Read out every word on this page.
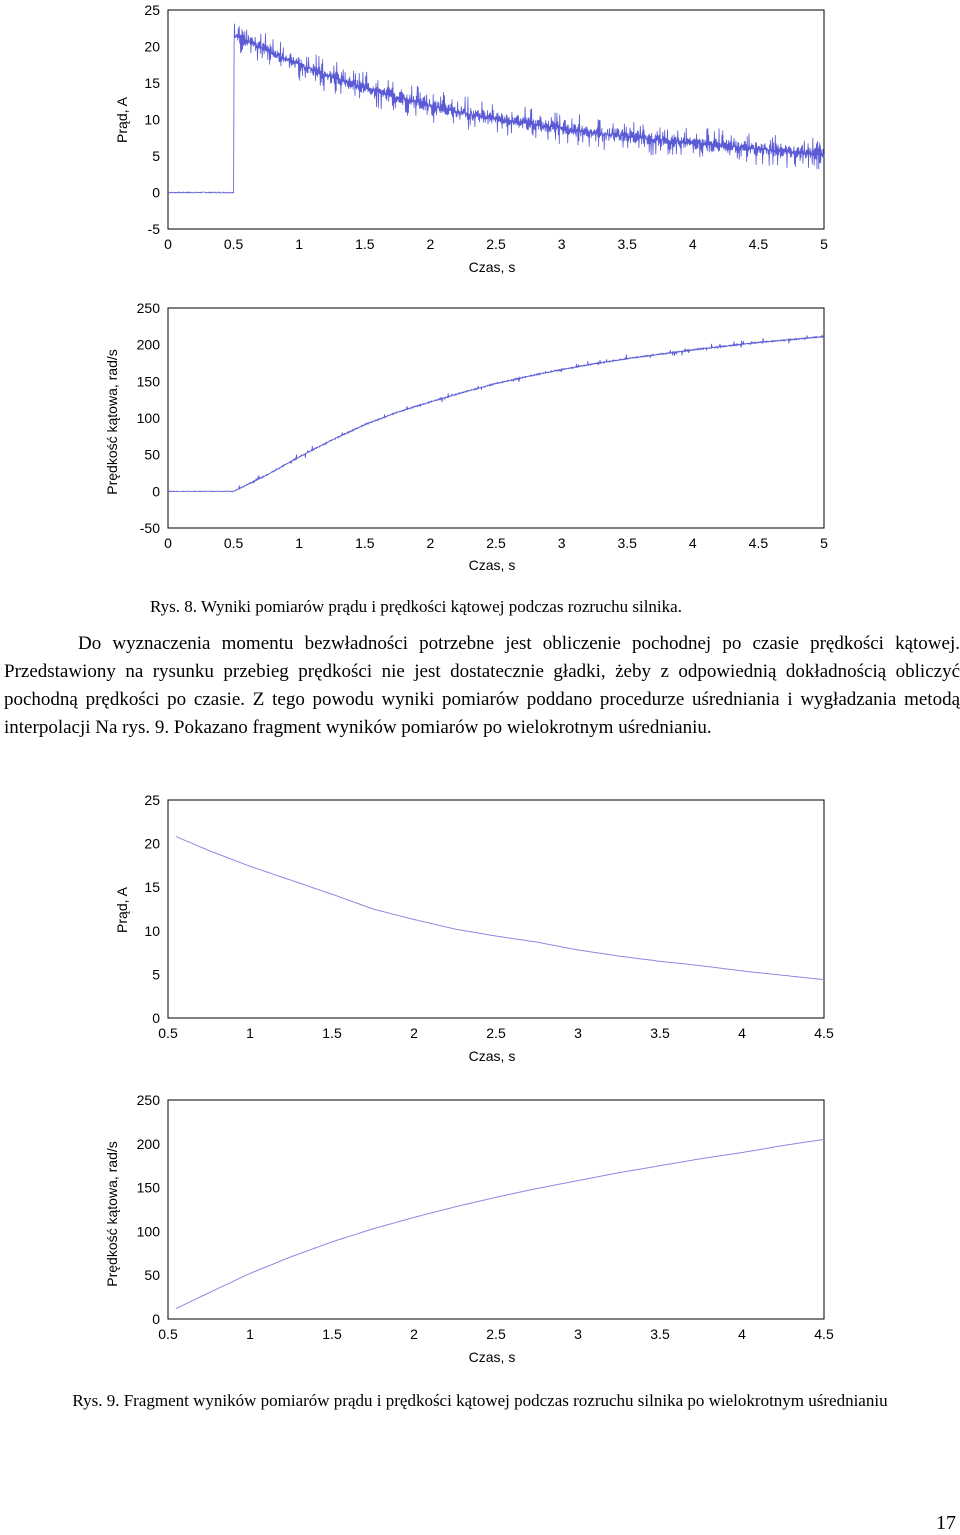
-5
0
5
10
15
20
25
0	0.5	1	1.5	2	2.5	3	3.5	4	4.5	5
Czas, s
Prąd, A
-50
0
50
100
150
200
250
0	0.5	1	1.5	2	2.5	3	3.5	4	4.5	5
Czas, s
Prędkość kątowa, rad/s
Rys. 8. Wyniki pomiarów prądu i prędkości kątowej podczas rozruchu silnika.

Do wyznaczenia momentu bezwładności potrzebne jest obliczenie pochodnej po czasie prędkości kątowej. Przedstawiony na rysunku przebieg prędkości nie jest dostatecznie gładki, żeby z odpowiednią dokładnością obliczyć pochodną prędkości po czasie. Z tego powodu wyniki pomiarów poddano procedurze uśredniania i wygładzania metodą interpolacji Na rys. 9. Pokazano fragment wyników pomiarów po wielokrotnym uśrednianiu.

0
5
10
15
20
25
0.5	1	1.5	2	2.5	3	3.5	4	4.5
Czas, s
Prąd, A
0
50
100
150
200
250
0.5	1	1.5	2	2.5	3	3.5	4	4.5
Czas, s
Prędkość kątowa, rad/s
Rys. 9. Fragment wyników pomiarów prądu i prędkości kątowej podczas rozruchu silnika po wielokrotnym uśrednianiu
17
